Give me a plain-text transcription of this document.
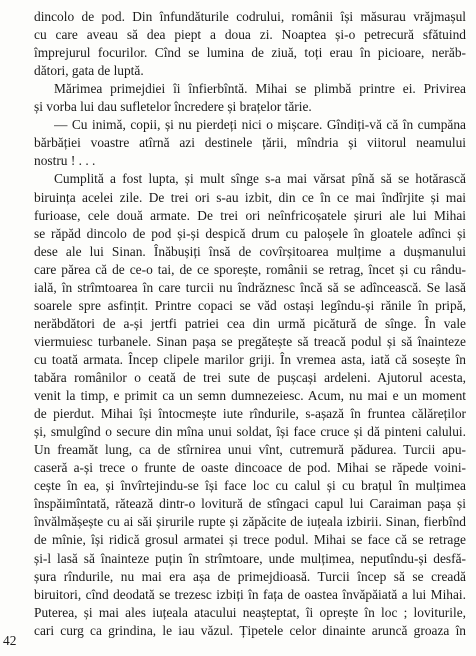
dincolo de pod. Din înfundăturile codrului, românii își măsurau vrăjmașul
cu care aveau să dea piept a doua zi. Noaptea și-o petrecură sfătuind
împrejurul focurilor. Cînd se lumina de ziuă, toți erau în picioare, nerăb-
dători, gata de luptă.
Mărimea primejdiei îi înfierbîntă. Mihai se plimbă printre ei. Privirea
și vorba lui dau sufletelor încredere și brațelor tărie.
— Cu inimă, copii, și nu pierdeți nici o mișcare. Gîndiți-vă că în cumpăna
bărbăției voastre atîrnă azi destinele țării, mîndria și viitorul neamului
nostru ! . . .
Cumplită a fost lupta, și mult sînge s-a mai vărsat pînă să se hotărască
biruința acelei zile. De trei ori s-au izbit, din ce în ce mai îndîrjite și mai
furioase, cele două armate. De trei ori neînfricoșatele șiruri ale lui Mihai
se răpăd dincolo de pod și-și despică drum cu paloșele în gloatele adînci și
dese ale lui Sinan. Înăbușiți însă de covîrșitoarea mulțime a dușmanului
care părea că de ce-o tai, de ce sporește, românii se retrag, încet și cu rându-
ială, în strîmtoarea în care turcii nu îndrăznesc încă să se adîncească. Se lasă
soarele spre asfințit. Printre copaci se văd ostași legîndu-și rănile în pripă,
nerăbdători de a-și jertfi patriei cea din urmă picătură de sînge. În vale
viermuiesc turbanele. Sinan pașa se pregătește să treacă podul și să înainteze
cu toată armata. Încep clipele marilor griji. În vremea asta, iată că sosește în
tabăra românilor o ceată de trei sute de pușcași ardeleni. Ajutorul acesta,
venit la timp, e primit ca un semn dumnezeiesc. Acum, nu mai e un moment
de pierdut. Mihai își întocmește iute rîndurile, s-așază în fruntea călăreților
și, smulgînd o secure din mîna unui soldat, își face cruce și dă pinteni calului.
Un freamăt lung, ca de stîrnirea unui vînt, cutremură pădurea. Turcii apu-
caseră a-și trece o frunte de oaste dincoace de pod. Mihai se răpede voini-
cește în ea, și învîrtejindu-se își face loc cu calul și cu brațul în mulțimea
înspăimîntată, rătează dintr-o lovitură de stîngaci capul lui Caraiman pașa și
învălmășește cu ai săi șirurile rupte și zăpăcite de iuțeala izbirii. Sinan, fierbînd
de mînie, își ridică grosul armatei și trece podul. Mihai se face că se retrage
și-l lasă să înainteze puțin în strîmtoare, unde mulțimea, neputîndu-și desfă-
șura rîndurile, nu mai era așa de primejdioasă. Turcii încep să se creadă
biruitori, cînd deodată se trezesc izbiți în fața de oastea învăpăiată a lui Mihai.
Puterea, și mai ales iuțeala atacului neașteptat, îi oprește în loc ; loviturile,
cari curg ca grindina, le iau văzul. Țipetele celor dinainte aruncă groaza în
42
